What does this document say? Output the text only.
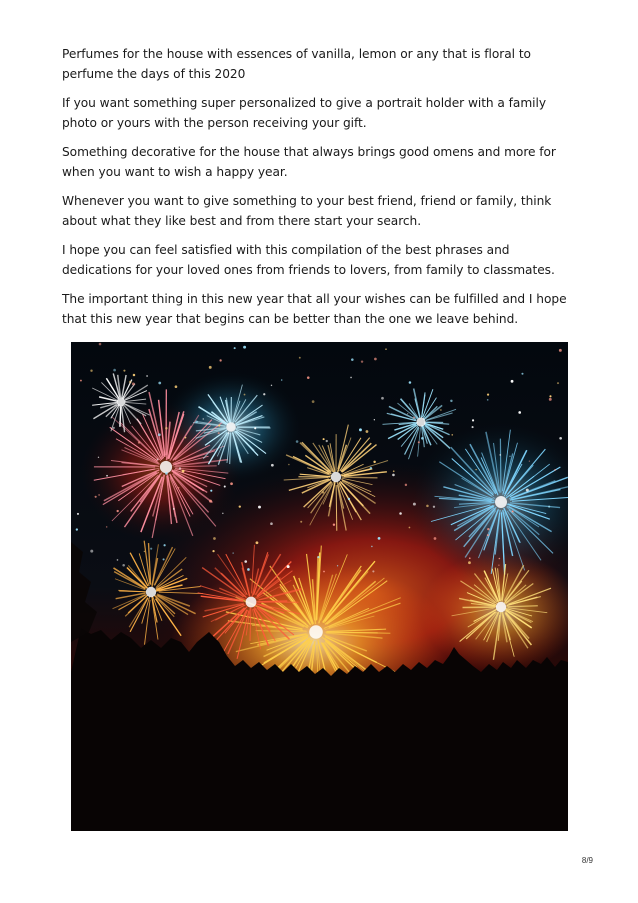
Perfumes for the house with essences of vanilla, lemon or any that is floral to perfume the days of this 2020

If you want something super personalized to give a portrait holder with a family photo or yours with the person receiving your gift.

Something decorative for the house that always brings good omens and more for when you want to wish a happy year.

Whenever you want to give something to your best friend, friend or family, think about what they like best and from there start your search.

I hope you can feel satisfied with this compilation of the best phrases and dedications for your loved ones from friends to lovers, from family to classmates.

The important thing in this new year that all your wishes can be fulfilled and I hope that this new year that begins can be better than the one we leave behind.

8/9
